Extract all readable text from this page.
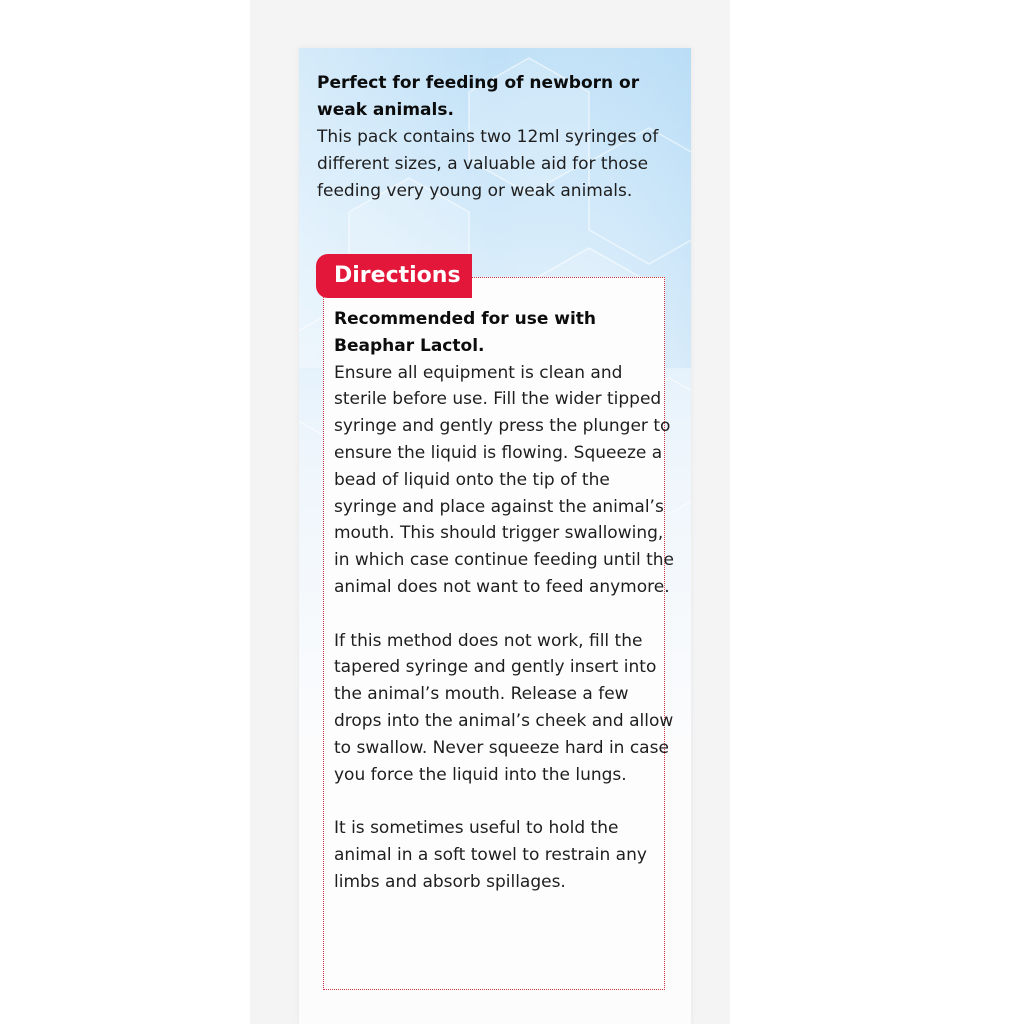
Perfect for feeding of newborn or weak animals.
This pack contains two 12ml syringes of different sizes, a valuable aid for those feeding very young or weak animals.
Directions
Recommended for use with Beaphar Lactol.

Ensure all equipment is clean and sterile before use. Fill the wider tipped syringe and gently press the plunger to ensure the liquid is flowing. Squeeze a bead of liquid onto the tip of the syringe and place against the animal’s mouth. This should trigger swallowing, in which case continue feeding until the animal does not want to feed anymore.

If this method does not work, fill the tapered syringe and gently insert into the animal’s mouth. Release a few drops into the animal’s cheek and allow to swallow. Never squeeze hard in case you force the liquid into the lungs.

It is sometimes useful to hold the animal in a soft towel to restrain any limbs and absorb spillages.
